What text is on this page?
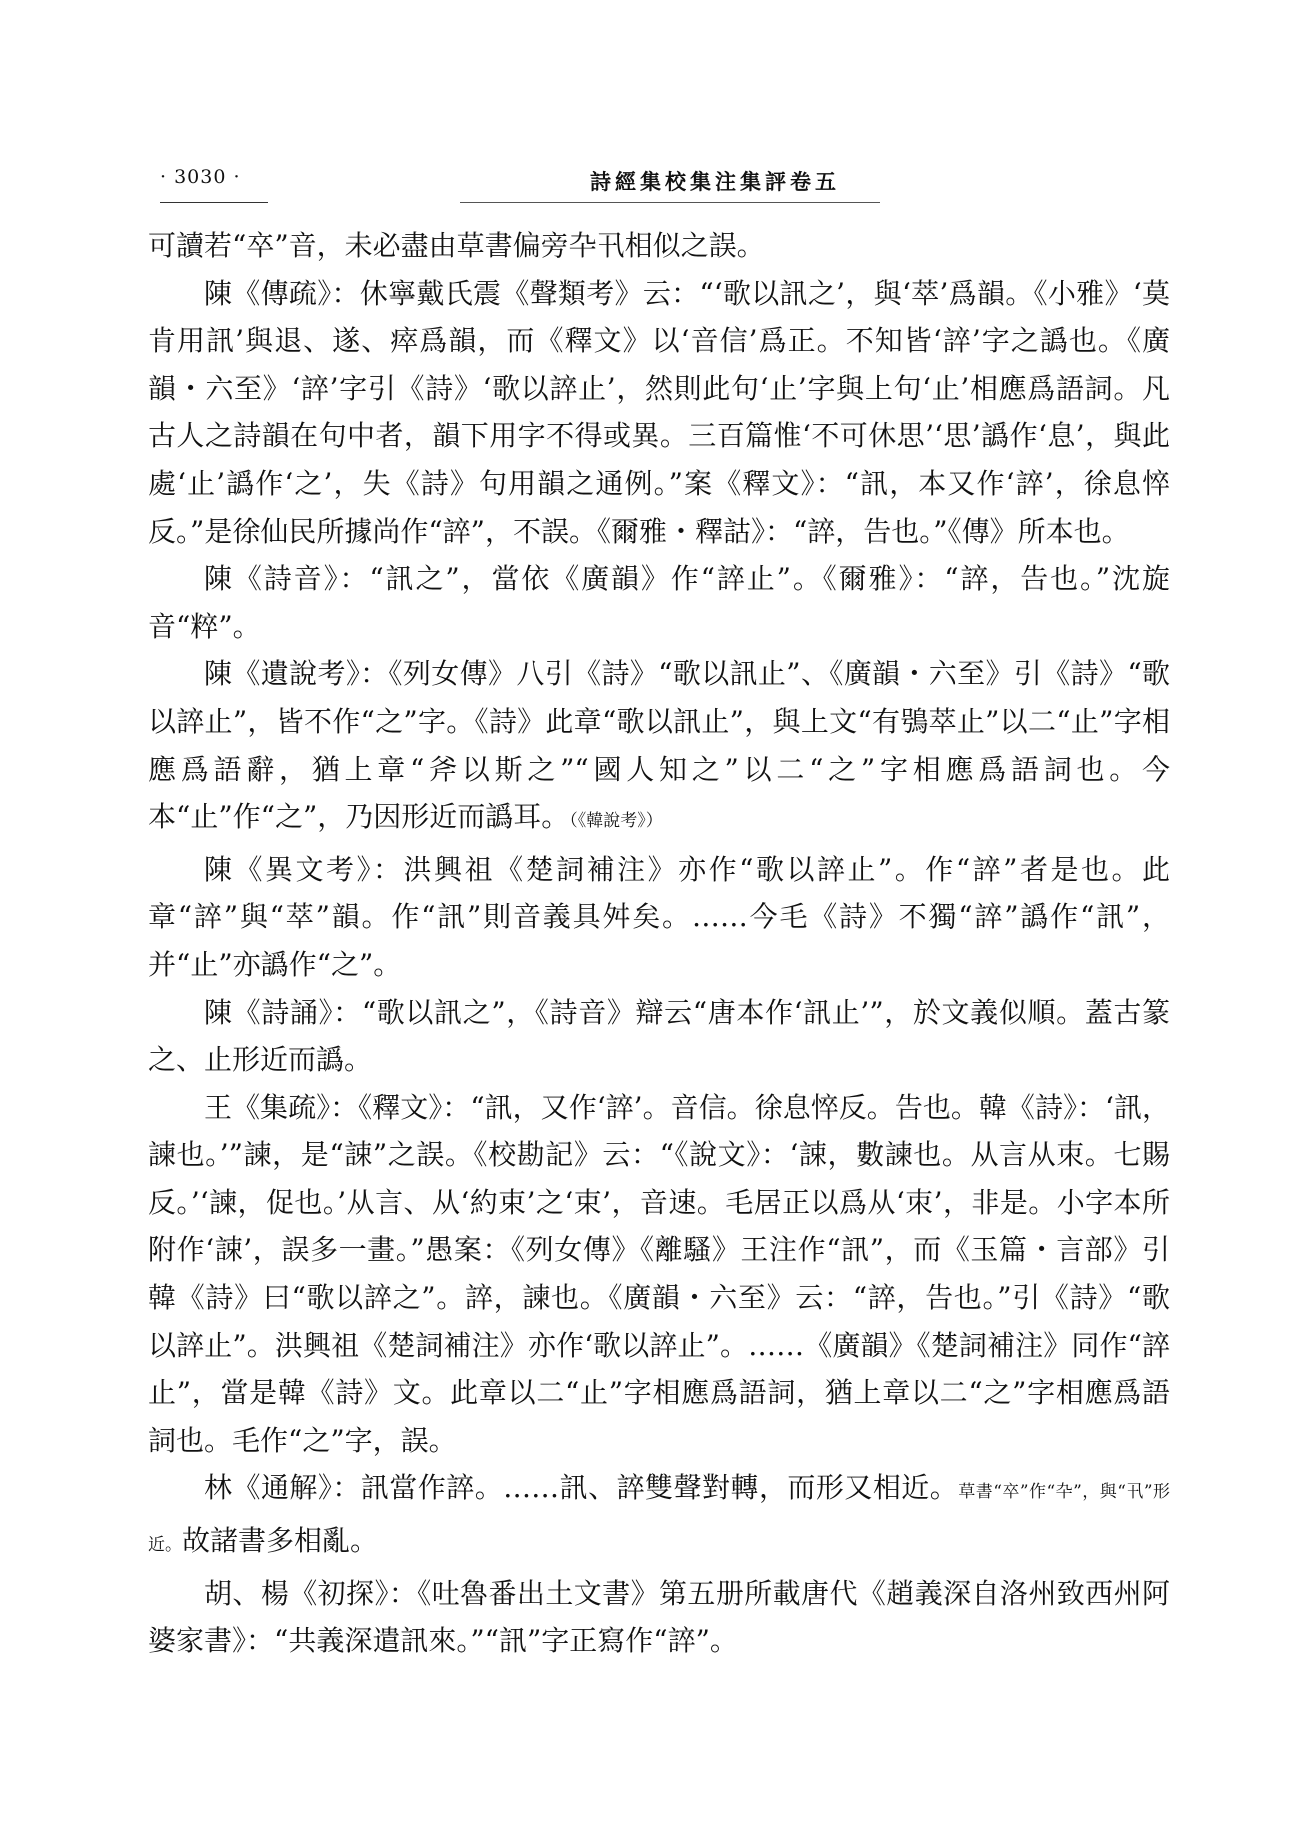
· 3030 ·	詩經集校集注集評卷五

可讀若“卒”音，未必盡由草書偏旁卆卂相似之誤。

陳《傳疏》：休寧戴氏震《聲類考》云：“‘歌以訊之’，與‘萃’爲韻。《小雅》‘莫肯用訊’與退、遂、瘁爲韻，而《釋文》以‘音信’爲正。不知皆‘誶’字之譌也。《廣韻・六至》‘誶’字引《詩》‘歌以誶止’，然則此句‘止’字與上句‘止’相應爲語詞。凡古人之詩韻在句中者，韻下用字不得或異。三百篇惟‘不可休思’‘思’譌作‘息’，與此處‘止’譌作‘之’，失《詩》句用韻之通例。”案《釋文》：“訊，本又作‘誶’，徐息悴反。”是徐仙民所據尚作“誶”，不誤。《爾雅・釋詁》：“誶，告也。”《傳》所本也。

陳《詩音》：“訊之”，當依《廣韻》作“誶止”。《爾雅》：“誶，告也。”沈旋音“粹”。

陳《遺說考》：《列女傳》八引《詩》“歌以訊止”、《廣韻・六至》引《詩》“歌以誶止”，皆不作“之”字。《詩》此章“歌以訊止”，與上文“有鴞萃止”以二“止”字相應爲語辭，猶上章“斧以斯之”“國人知之”以二“之”字相應爲語詞也。今本“止”作“之”，乃因形近而譌耳。（《韓說考》）

陳《異文考》：洪興祖《楚詞補注》亦作“歌以誶止”。作“誶”者是也。此章“誶”與“萃”韻。作“訊”則音義具舛矣。……今毛《詩》不獨“誶”譌作“訊”，并“止”亦譌作“之”。

陳《詩誦》：“歌以訊之”，《詩音》辯云“唐本作‘訊止’”，於文義似順。蓋古篆之、止形近而譌。

王《集疏》：《釋文》：“訊，又作‘誶’。音信。徐息悴反。告也。韓《詩》：‘訊，諫也。’”諫，是“誎”之誤。《校勘記》云：“《說文》：‘誎，數諫也。从言从朿。七賜反。’‘諫，促也。’从言、从‘約束’之‘束’，音速。毛居正以爲从‘朿’，非是。小字本所附作‘誎’，誤多一畫。”愚案：《列女傳》《離騷》王注作“訊”，而《玉篇・言部》引韓《詩》曰“歌以誶之”。誶，諫也。《廣韻・六至》云：“誶，告也。”引《詩》“歌以誶止”。洪興祖《楚詞補注》亦作‘歌以誶止”。……《廣韻》《楚詞補注》同作“誶止”，當是韓《詩》文。此章以二“止”字相應爲語詞，猶上章以二“之”字相應爲語詞也。毛作“之”字，誤。

林《通解》：訊當作誶。……訊、誶雙聲對轉，而形又相近。草書“卒”作“卆”，與“卂”形近。故諸書多相亂。

胡、楊《初探》：《吐魯番出土文書》第五册所載唐代《趙義深自洛州致西州阿婆家書》：“共義深遣訊來。”“訊”字正寫作“誶”。
